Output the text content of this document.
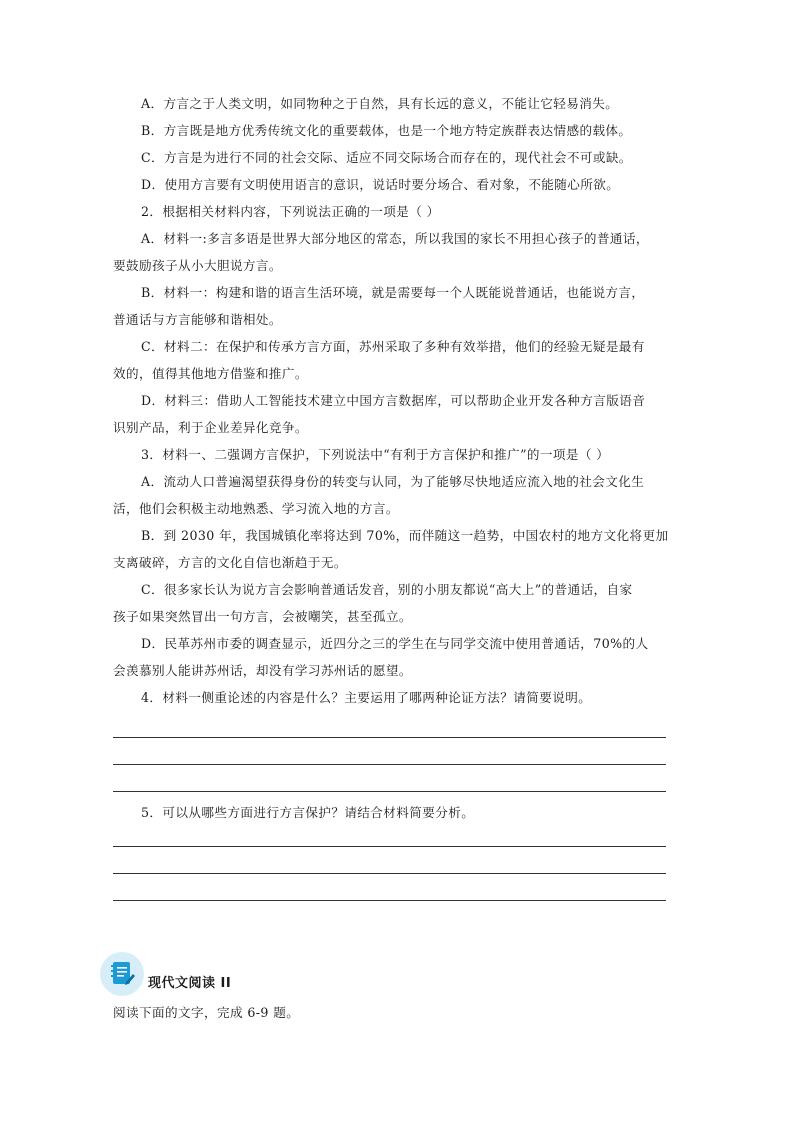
A．方言之于人类文明，如同物种之于自然，具有长远的意义，不能让它轻易消失。
B．方言既是地方优秀传统文化的重要载体，也是一个地方特定族群表达情感的载体。
C．方言是为进行不同的社会交际、适应不同交际场合而存在的，现代社会不可或缺。
D．使用方言要有文明使用语言的意识，说话时要分场合、看对象，不能随心所欲。
2．根据相关材料内容，下列说法正确的一项是（ ）
A．材料一:多言多语是世界大部分地区的常态，所以我国的家长不用担心孩子的普通话，
要鼓励孩子从小大胆说方言。
B．材料一：构建和谐的语言生活环境，就是需要每一个人既能说普通话，也能说方言，
普通话与方言能够和谐相处。
C．材料二：在保护和传承方言方面，苏州采取了多种有效举措，他们的经验无疑是最有
效的，值得其他地方借鉴和推广。
D．材料三：借助人工智能技术建立中国方言数据库，可以帮助企业开发各种方言版语音
识别产品，利于企业差异化竞争。
3．材料一、二强调方言保护，下列说法中“有利于方言保护和推广”的一项是（ ）
A．流动人口普遍渴望获得身份的转变与认同，为了能够尽快地适应流入地的社会文化生
活，他们会积极主动地熟悉、学习流入地的方言。
B．到 2030 年，我国城镇化率将达到 70%，而伴随这一趋势，中国农村的地方文化将更加
支离破碎，方言的文化自信也渐趋于无。
C．很多家长认为说方言会影响普通话发音，别的小朋友都说“高大上”的普通话，自家
孩子如果突然冒出一句方言，会被嘲笑，甚至孤立。
D．民革苏州市委的调查显示，近四分之三的学生在与同学交流中使用普通话，70%的人
会羡慕别人能讲苏州话，却没有学习苏州话的愿望。
4．材料一侧重论述的内容是什么？主要运用了哪两种论证方法？请简要说明。
5．可以从哪些方面进行方言保护？请结合材料简要分析。
现代文阅读 II
阅读下面的文字，完成 6-9 题。
